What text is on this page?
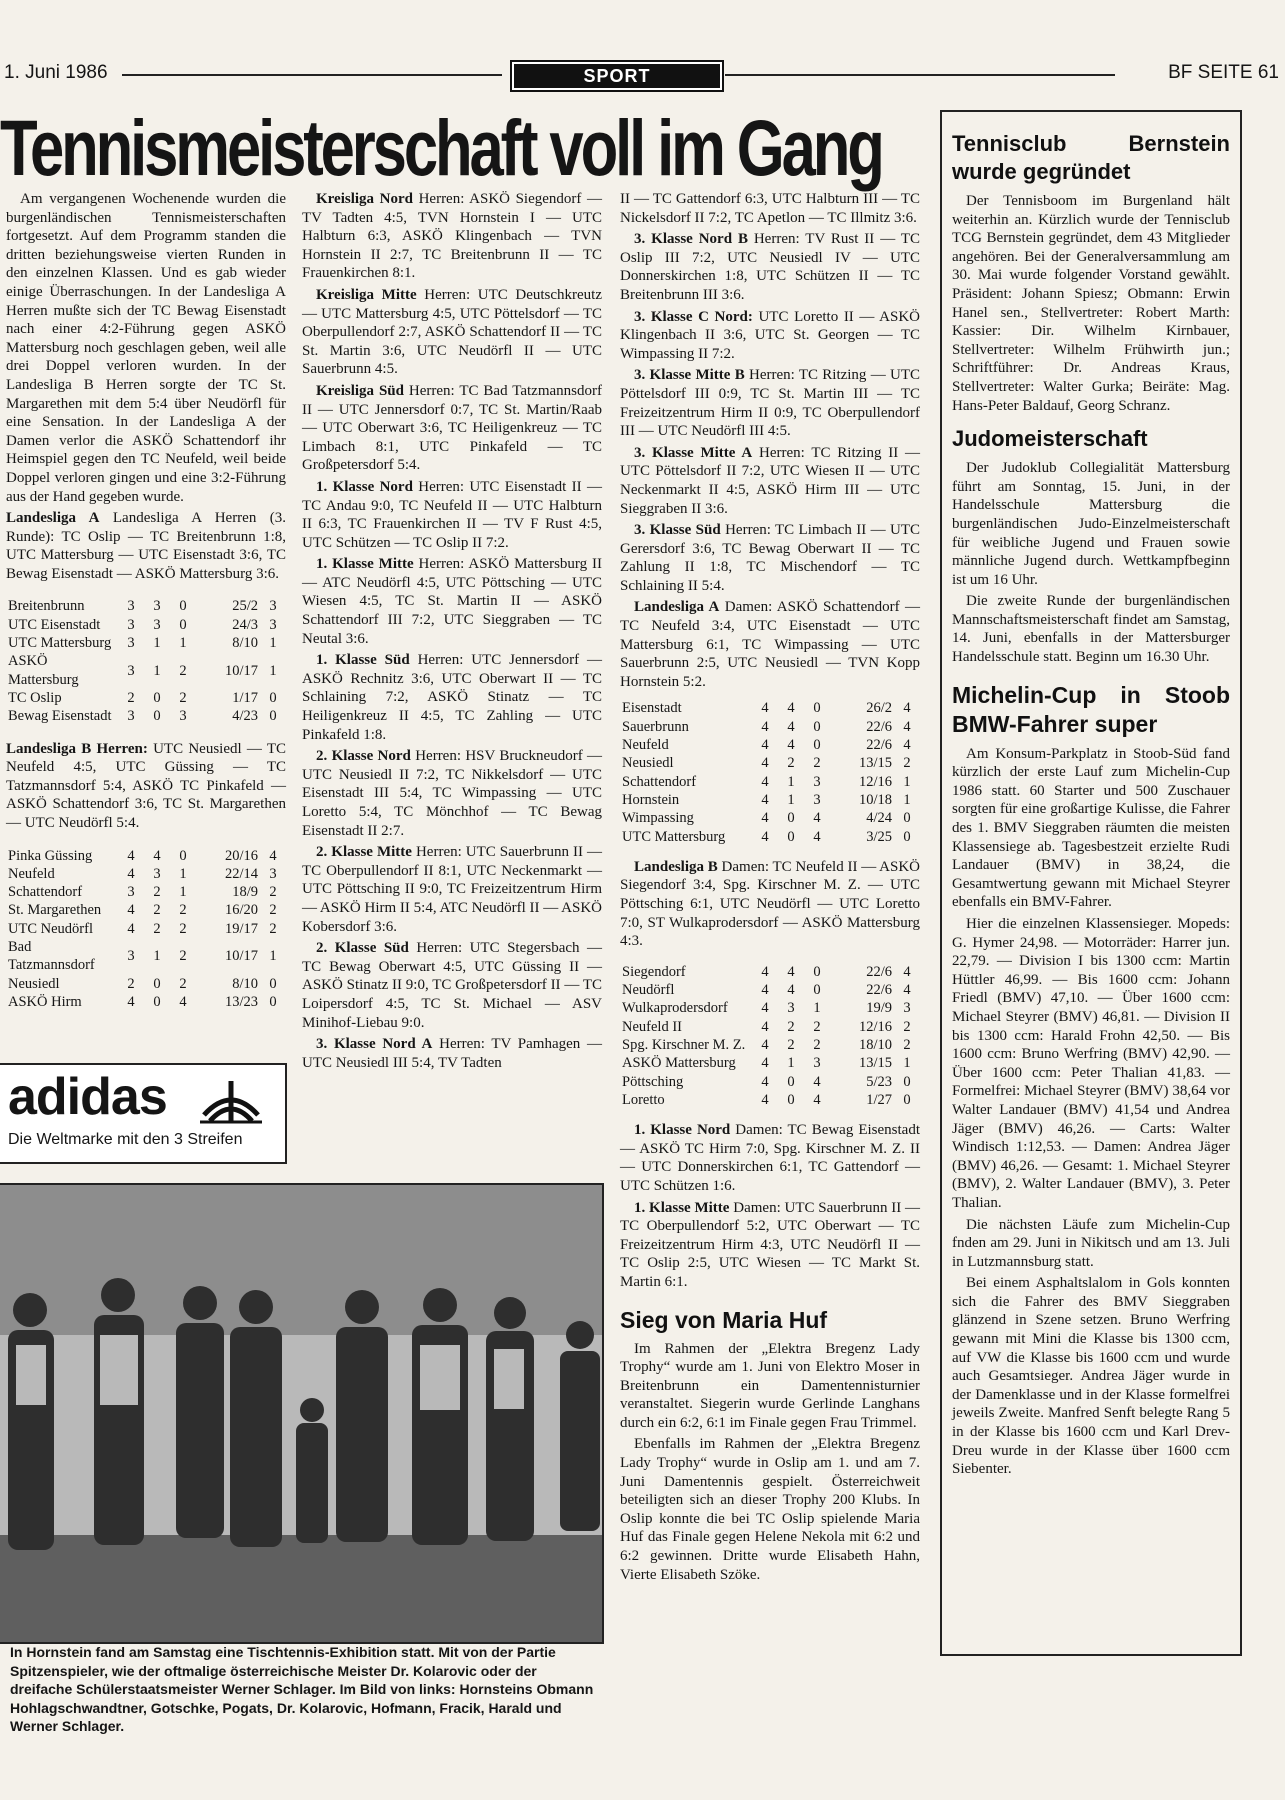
1. Juni 1986	SPORT	BF SEITE 61
Tennismeisterschaft voll im Gang

Am vergangenen Wochenende wurden die burgenländischen Tennismeisterschaften fortgesetzt. Auf dem Programm standen die dritten beziehungsweise vierten Runden in den einzelnen Klassen. Und es gab wieder einige Überraschungen. In der Landesliga A Herren mußte sich der TC Bewag Eisenstadt nach einer 4:2-Führung gegen ASKÖ Mattersburg noch geschlagen geben, weil alle drei Doppel verloren wurden. In der Landesliga B Herren sorgte der TC St. Margarethen mit dem 5:4 über Neudörfl für eine Sensation. In der Landesliga A der Damen verlor die ASKÖ Schattendorf ihr Heimspiel gegen den TC Neufeld, weil beide Doppel verloren gingen und eine 3:2-Führung aus der Hand gegeben wurde.

Landesliga A Landesliga A Herren (3. Runde): TC Oslip — TC Breitenbrunn 1:8, UTC Mattersburg — UTC Eisenstadt 3:6, TC Bewag Eisenstadt — ASKÖ Mattersburg 3:6.

Breitenbrunn	3	3	0	25/2	3
UTC Eisenstadt	3	3	0	24/3	3
UTC Mattersburg	3	1	1	8/10	1
ASKÖ Mattersburg	3	1	2	10/17	1
TC Oslip	2	0	2	1/17	0
Bewag Eisenstadt	3	0	3	4/23	0

Landesliga B Herren: UTC Neusiedl — TC Neufeld 4:5, UTC Güssing — TC Tatzmannsdorf 5:4, ASKÖ TC Pinkafeld — ASKÖ Schattendorf 3:6, TC St. Margarethen — UTC Neudörfl 5:4.

Pinka Güssing	4	4	0	20/16	4
Neufeld	4	3	1	22/14	3
Schattendorf	3	2	1	18/9	2
St. Margarethen	4	2	2	16/20	2
UTC Neudörfl	4	2	2	19/17	2
Bad Tatzmannsdorf	3	1	2	10/17	1
Neusiedl	2	0	2	8/10	0
ASKÖ Hirm	4	0	4	13/23	0
adidas
Die Weltmarke mit den 3 Streifen
In Hornstein fand am Samstag eine Tischtennis-Exhibition statt. Mit von der Partie Spitzenspieler, wie der oftmalige österreichische Meister Dr. Kolarovic oder der dreifache Schülerstaatsmeister Werner Schlager. Im Bild von links: Hornsteins Obmann Hohlagschwandtner, Gotschke, Pogats, Dr. Kolarovic, Hofmann, Fracik, Harald und Werner Schlager.

Kreisliga Nord Herren: ASKÖ Siegendorf — TV Tadten 4:5, TVN Hornstein I — UTC Halbturn 6:3, ASKÖ Klingenbach — TVN Hornstein II 2:7, TC Breitenbrunn II — TC Frauenkirchen 8:1.

Kreisliga Mitte Herren: UTC Deutschkreutz — UTC Mattersburg 4:5, UTC Pöttelsdorf — TC Oberpullendorf 2:7, ASKÖ Schattendorf II — TC St. Martin 3:6, UTC Neudörfl II — UTC Sauerbrunn 4:5.

Kreisliga Süd Herren: TC Bad Tatzmannsdorf II — UTC Jennersdorf 0:7, TC St. Martin/Raab — UTC Oberwart 3:6, TC Heiligenkreuz — TC Limbach 8:1, UTC Pinkafeld — TC Großpetersdorf 5:4.

1. Klasse Nord Herren: UTC Eisenstadt II — TC Andau 9:0, TC Neufeld II — UTC Halbturn II 6:3, TC Frauenkirchen II — TV F Rust 4:5, UTC Schützen — TC Oslip II 7:2.

1. Klasse Mitte Herren: ASKÖ Mattersburg II — ATC Neudörfl 4:5, UTC Pöttsching — UTC Wiesen 4:5, TC St. Martin II — ASKÖ Schattendorf III 7:2, UTC Sieggraben — TC Neutal 3:6.

1. Klasse Süd Herren: UTC Jennersdorf — ASKÖ Rechnitz 3:6, UTC Oberwart II — TC Schlaining 7:2, ASKÖ Stinatz — TC Heiligenkreuz II 4:5, TC Zahling — UTC Pinkafeld 1:8.

2. Klasse Nord Herren: HSV Bruckneudorf — UTC Neusiedl II 7:2, TC Nikkelsdorf — UTC Eisenstadt III 5:4, TC Wimpassing — UTC Loretto 5:4, TC Mönchhof — TC Bewag Eisenstadt II 2:7.

2. Klasse Mitte Herren: UTC Sauerbrunn II — TC Oberpullendorf II 8:1, UTC Neckenmarkt — UTC Pöttsching II 9:0, TC Freizeitzentrum Hirm — ASKÖ Hirm II 5:4, ATC Neudörfl II — ASKÖ Kobersdorf 3:6.

2. Klasse Süd Herren: UTC Stegersbach — TC Bewag Oberwart 4:5, UTC Güssing II — ASKÖ Stinatz II 9:0, TC Großpetersdorf II — TC Loipersdorf 4:5, TC St. Michael — ASV Minihof-Liebau 9:0.

3. Klasse Nord A Herren: TV Pamhagen — UTC Neusiedl III 5:4, TV Tadten

II — TC Gattendorf 6:3, UTC Halbturn III — TC Nickelsdorf II 7:2, TC Apetlon — TC Illmitz 3:6.

3. Klasse Nord B Herren: TV Rust II — TC Oslip III 7:2, UTC Neusiedl IV — UTC Donnerskirchen 1:8, UTC Schützen II — TC Breitenbrunn III 3:6.

3. Klasse C Nord: UTC Loretto II — ASKÖ Klingenbach II 3:6, UTC St. Georgen — TC Wimpassing II 7:2.

3. Klasse Mitte B Herren: TC Ritzing — UTC Pöttelsdorf III 0:9, TC St. Martin III — TC Freizeitzentrum Hirm II 0:9, TC Oberpullendorf III — UTC Neudörfl III 4:5.

3. Klasse Mitte A Herren: TC Ritzing II — UTC Pöttelsdorf II 7:2, UTC Wiesen II — UTC Neckenmarkt II 4:5, ASKÖ Hirm III — UTC Sieggraben II 3:6.

3. Klasse Süd Herren: TC Limbach II — UTC Gerersdorf 3:6, TC Bewag Oberwart II — TC Zahlung II 1:8, TC Mischendorf — TC Schlaining II 5:4.

Landesliga A Damen: ASKÖ Schattendorf — TC Neufeld 3:4, UTC Eisenstadt — UTC Mattersburg 6:1, TC Wimpassing — UTC Sauerbrunn 2:5, UTC Neusiedl — TVN Kopp Hornstein 5:2.

Eisenstadt	4	4	0	26/2	4
Sauerbrunn	4	4	0	22/6	4
Neufeld	4	4	0	22/6	4
Neusiedl	4	2	2	13/15	2
Schattendorf	4	1	3	12/16	1
Hornstein	4	1	3	10/18	1
Wimpassing	4	0	4	4/24	0
UTC Mattersburg	4	0	4	3/25	0

Landesliga B Damen: TC Neufeld II — ASKÖ Siegendorf 3:4, Spg. Kirschner M. Z. — UTC Pöttsching 6:1, UTC Neudörfl — UTC Loretto 7:0, ST Wulkaprodersdorf — ASKÖ Mattersburg 4:3.

Siegendorf	4	4	0	22/6	4
Neudörfl	4	4	0	22/6	4
Wulkaprodersdorf	4	3	1	19/9	3
Neufeld II	4	2	2	12/16	2
Spg. Kirschner M. Z.	4	2	2	18/10	2
ASKÖ Mattersburg	4	1	3	13/15	1
Pöttsching	4	0	4	5/23	0
Loretto	4	0	4	1/27	0

1. Klasse Nord Damen: TC Bewag Eisenstadt — ASKÖ TC Hirm 7:0, Spg. Kirschner M. Z. II — UTC Donnerskirchen 6:1, TC Gattendorf — UTC Schützen 1:6.

1. Klasse Mitte Damen: UTC Sauerbrunn II — TC Oberpullendorf 5:2, UTC Oberwart — TC Freizeitzentrum Hirm 4:3, UTC Neudörfl II — TC Oslip 2:5, UTC Wiesen — TC Markt St. Martin 6:1.

Sieg von Maria Huf

Im Rahmen der „Elektra Bregenz Lady Trophy“ wurde am 1. Juni von Elektro Moser in Breitenbrunn ein Damentennisturnier veranstaltet. Siegerin wurde Gerlinde Langhans durch ein 6:2, 6:1 im Finale gegen Frau Trimmel.

Ebenfalls im Rahmen der „Elektra Bregenz Lady Trophy“ wurde in Oslip am 1. und am 7. Juni Damentennis gespielt. Österreichweit beteiligten sich an dieser Trophy 200 Klubs. In Oslip konnte die bei TC Oslip spielende Maria Huf das Finale gegen Helene Nekola mit 6:2 und 6:2 gewinnen. Dritte wurde Elisabeth Hahn, Vierte Elisabeth Szöke.

Tennisclub Bernstein wurde gegründet

Der Tennisboom im Burgenland hält weiterhin an. Kürzlich wurde der Tennisclub TCG Bernstein gegründet, dem 43 Mitglieder angehören. Bei der Generalversammlung am 30. Mai wurde folgender Vorstand gewählt. Präsident: Johann Spiesz; Obmann: Erwin Hanel sen., Stellvertreter: Robert Marth: Kassier: Dir. Wilhelm Kirnbauer, Stellvertreter: Wilhelm Frühwirth jun.; Schriftführer: Dr. Andreas Kraus, Stellvertreter: Walter Gurka; Beiräte: Mag. Hans-Peter Baldauf, Georg Schranz.

Judomeisterschaft

Der Judoklub Collegialität Mattersburg führt am Sonntag, 15. Juni, in der Handelsschule Mattersburg die burgenländischen Judo-Einzelmeisterschaft für weibliche Jugend und Frauen sowie männliche Jugend durch. Wettkampfbeginn ist um 16 Uhr.

Die zweite Runde der burgenländischen Mannschaftsmeisterschaft findet am Samstag, 14. Juni, ebenfalls in der Mattersburger Handelsschule statt. Beginn um 16.30 Uhr.

Michelin-Cup in Stoob BMW-Fahrer super

Am Konsum-Parkplatz in Stoob-Süd fand kürzlich der erste Lauf zum Michelin-Cup 1986 statt. 60 Starter und 500 Zuschauer sorgten für eine großartige Kulisse, die Fahrer des 1. BMV Sieggraben räumten die meisten Klassensiege ab. Tagesbestzeit erzielte Rudi Landauer (BMV) in 38,24, die Gesamtwertung gewann mit Michael Steyrer ebenfalls ein BMV-Fahrer.

Hier die einzelnen Klassensieger. Mopeds: G. Hymer 24,98. — Motorräder: Harrer jun. 22,79. — Division I bis 1300 ccm: Martin Hüttler 46,99. — Bis 1600 ccm: Johann Friedl (BMV) 47,10. — Über 1600 ccm: Michael Steyrer (BMV) 46,81. — Division II bis 1300 ccm: Harald Frohn 42,50. — Bis 1600 ccm: Bruno Werfring (BMV) 42,90. — Über 1600 ccm: Peter Thalian 41,83. — Formelfrei: Michael Steyrer (BMV) 38,64 vor Walter Landauer (BMV) 41,54 und Andrea Jäger (BMV) 46,26. — Carts: Walter Windisch 1:12,53. — Damen: Andrea Jäger (BMV) 46,26. — Gesamt: 1. Michael Steyrer (BMV), 2. Walter Landauer (BMV), 3. Peter Thalian.

Die nächsten Läufe zum Michelin-Cup fnden am 29. Juni in Nikitsch und am 13. Juli in Lutzmannsburg statt.

Bei einem Asphaltslalom in Gols konnten sich die Fahrer des BMV Sieggraben glänzend in Szene setzen. Bruno Werfring gewann mit Mini die Klasse bis 1300 ccm, auf VW die Klasse bis 1600 ccm und wurde auch Gesamtsieger. Andrea Jäger wurde in der Damenklasse und in der Klasse formelfrei jeweils Zweite. Manfred Senft belegte Rang 5 in der Klasse bis 1600 ccm und Karl Drev-Dreu wurde in der Klasse über 1600 ccm Siebenter.
